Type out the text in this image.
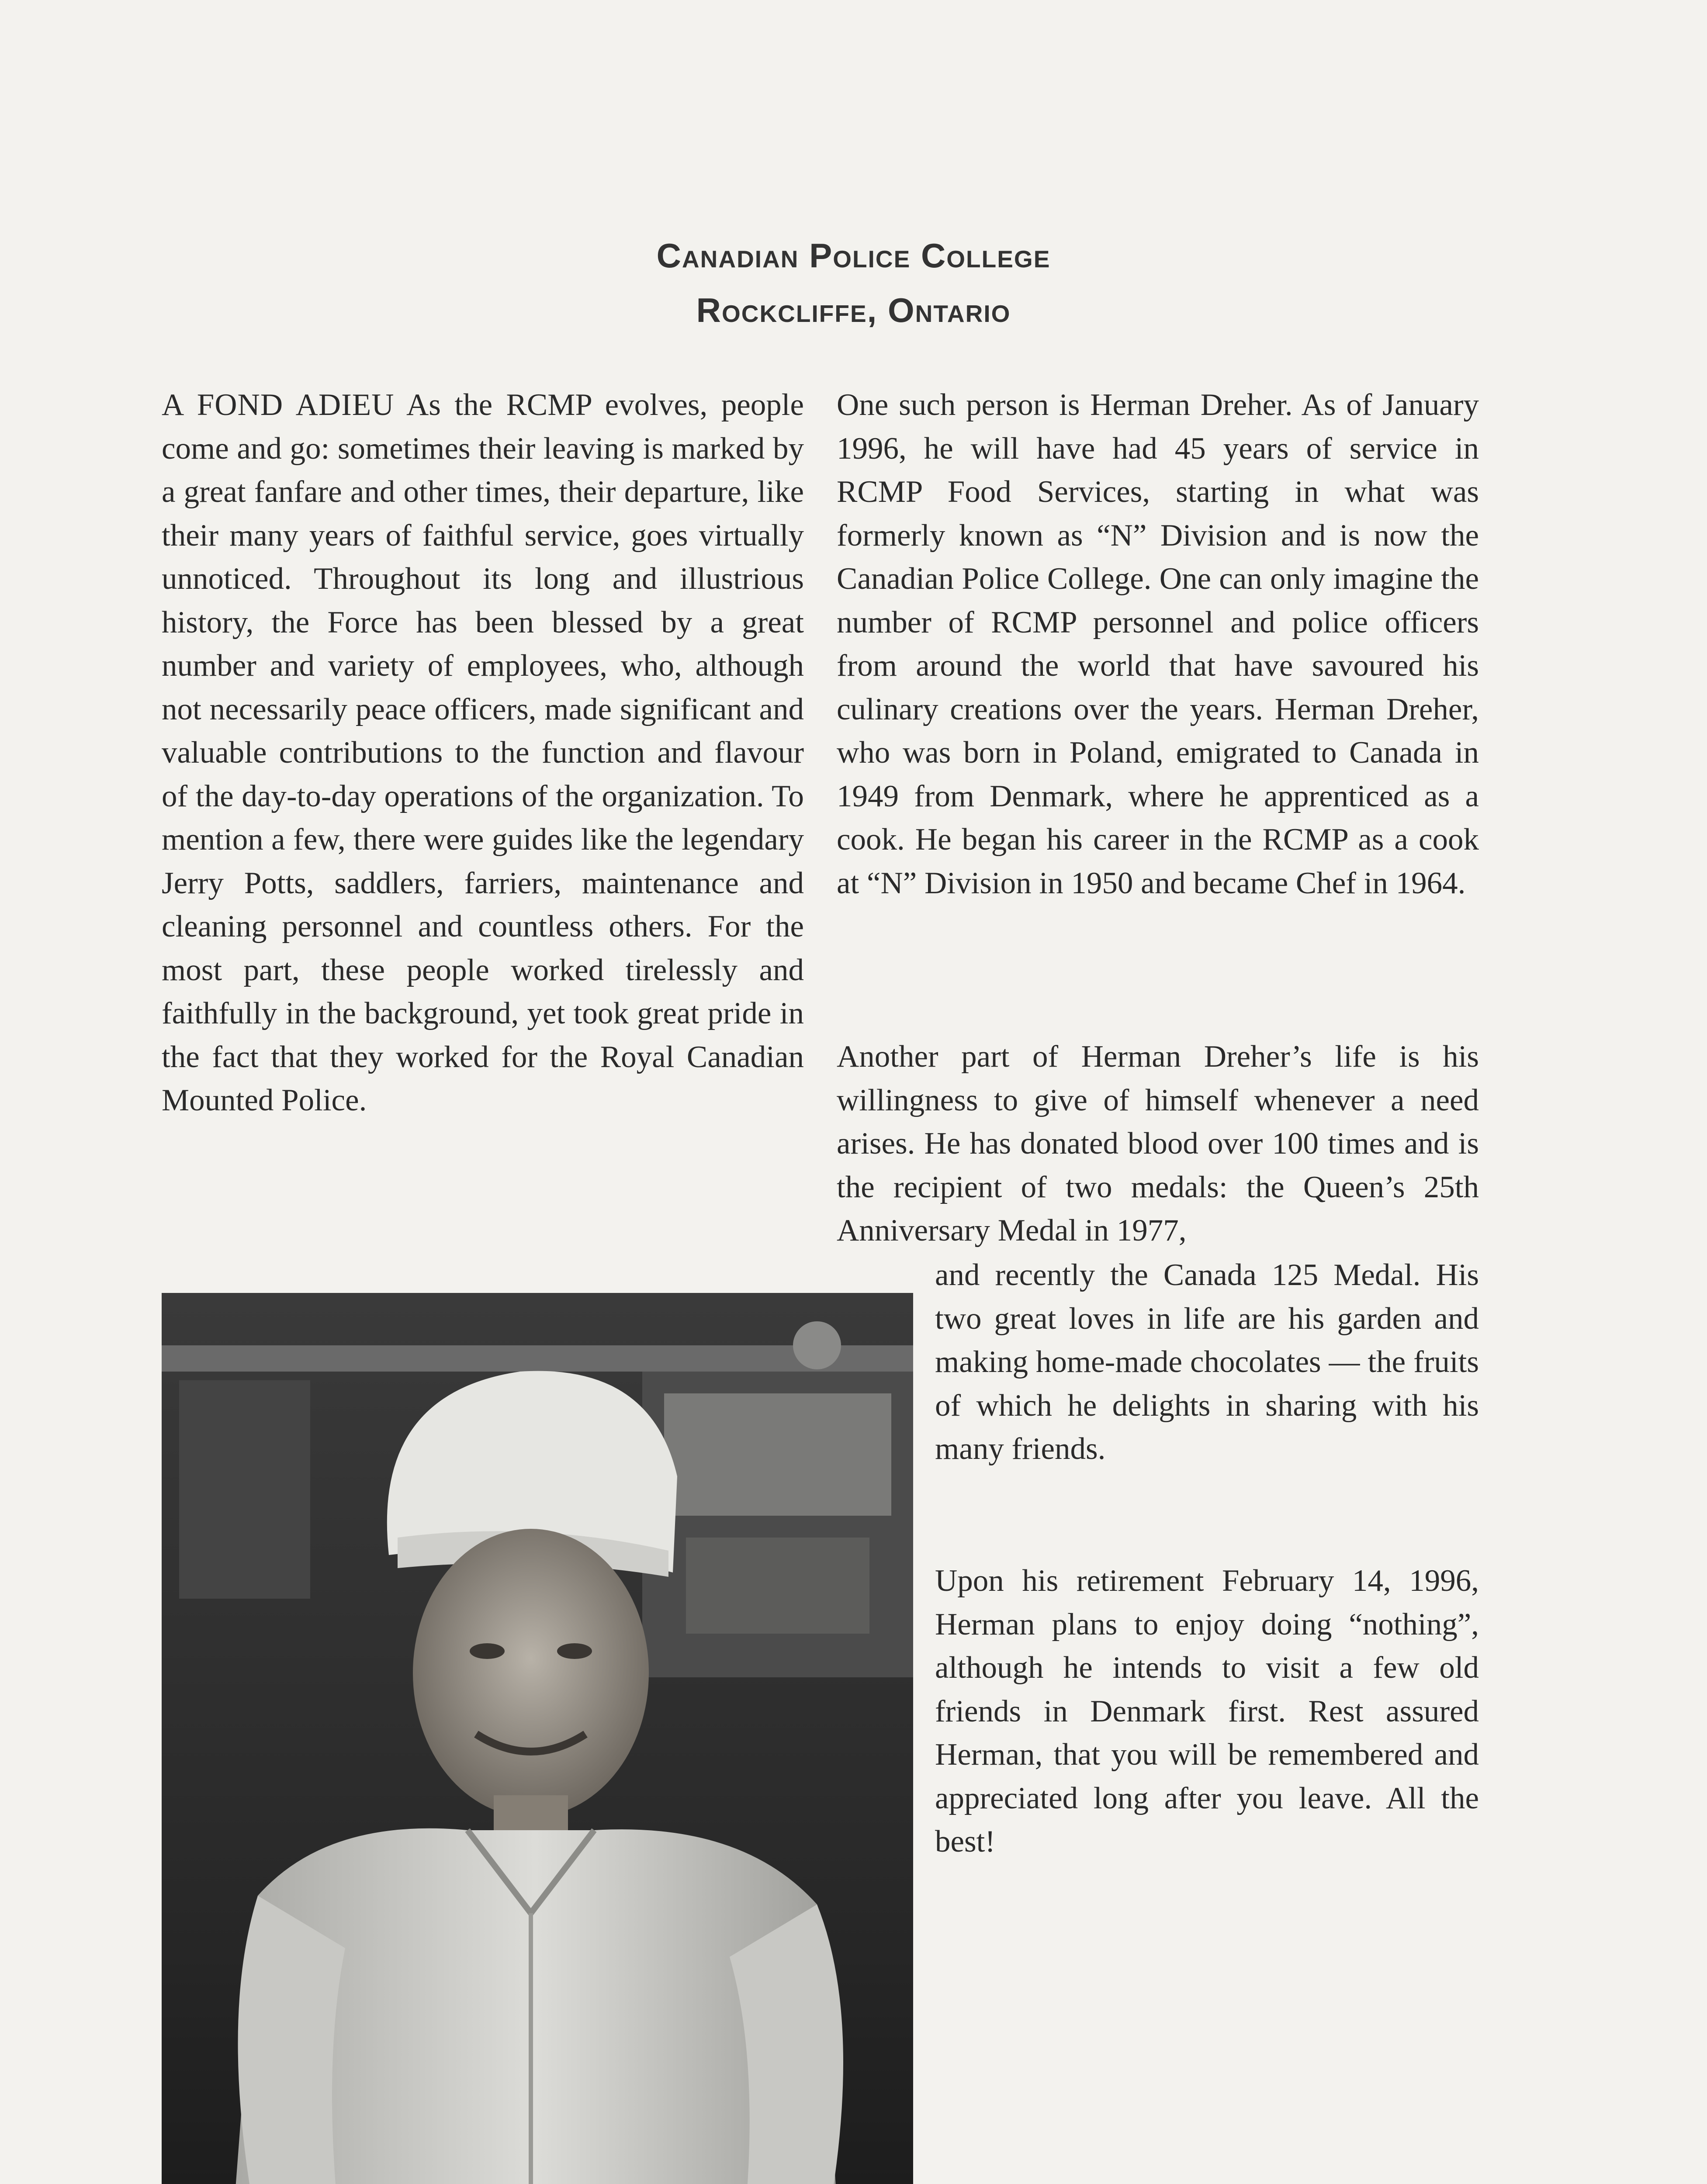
Canadian Police College
Rockcliffe, Ontario

A FOND ADIEU As the RCMP evolves, people come and go: sometimes their leaving is marked by a great fanfare and other times, their departure, like their many years of faithful service, goes virtually unnoticed. Throughout its long and illustrious history, the Force has been blessed by a great number and variety of employees, who, although not necessarily peace officers, made significant and valuable contributions to the function and flavour of the day-to-day operations of the organization. To mention a few, there were guides like the legendary Jerry Potts, saddlers, farriers, maintenance and cleaning personnel and countless others. For the most part, these people worked tirelessly and faithfully in the background, yet took great pride in the fact that they worked for the Royal Canadian Mounted Police.

One such person is Herman Dreher. As of January 1996, he will have had 45 years of service in RCMP Food Services, starting in what was formerly known as “N” Division and is now the Canadian Police College. One can only imagine the number of RCMP personnel and police officers from around the world that have savoured his culinary creations over the years. Herman Dreher, who was born in Poland, emigrated to Canada in 1949 from Denmark, where he apprenticed as a cook. He began his career in the RCMP as a cook at “N” Division in 1950 and became Chef in 1964.

Another part of Herman Dreher’s life is his willingness to give of himself whenever a need arises. He has donated blood over 100 times and is the recipient of two medals: the Queen’s 25th Anniversary Medal in 1977,

and recently the Canada 125 Medal. His two great loves in life are his garden and making home-made chocolates — the fruits of which he delights in sharing with his many friends.

Upon his retirement February 14, 1996, Herman plans to enjoy doing “nothing”, although he intends to visit a few old friends in Denmark first. Rest assured Herman, that you will be remembered and appreciated long after you leave. All the best!
